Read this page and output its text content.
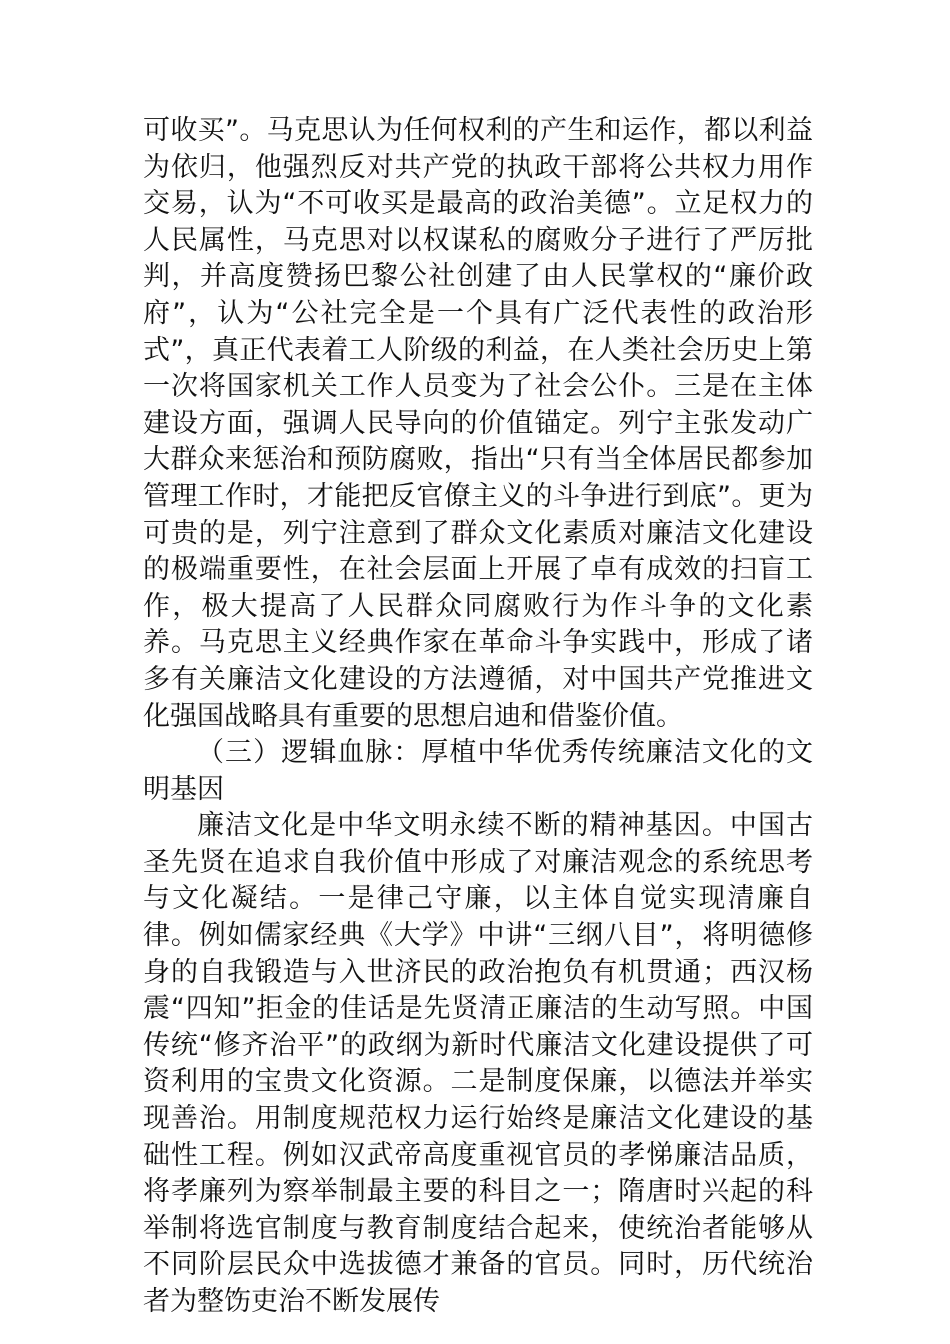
可收买”。马克思认为任何权利的产生和运作，都以利益为依归，他强烈反对共产党的执政干部将公共权力用作交易，认为“不可收买是最高的政治美德”。立足权力的人民属性，马克思对以权谋私的腐败分子进行了严厉批判，并高度赞扬巴黎公社创建了由人民掌权的“廉价政府”，认为“公社完全是一个具有广泛代表性的政治形式”，真正代表着工人阶级的利益，在人类社会历史上第一次将国家机关工作人员变为了社会公仆。三是在主体建设方面，强调人民导向的价值锚定。列宁主张发动广大群众来惩治和预防腐败，指出“只有当全体居民都参加管理工作时，才能把反官僚主义的斗争进行到底”。更为可贵的是，列宁注意到了群众文化素质对廉洁文化建设的极端重要性，在社会层面上开展了卓有成效的扫盲工作，极大提高了人民群众同腐败行为作斗争的文化素养。马克思主义经典作家在革命斗争实践中，形成了诸多有关廉洁文化建设的方法遵循，对中国共产党推进文化强国战略具有重要的思想启迪和借鉴价值。

（三）逻辑血脉：厚植中华优秀传统廉洁文化的文明基因

廉洁文化是中华文明永续不断的精神基因。中国古圣先贤在追求自我价值中形成了对廉洁观念的系统思考与文化凝结。一是律己守廉，以主体自觉实现清廉自律。例如儒家经典《大学》中讲“三纲八目”，将明德修身的自我锻造与入世济民的政治抱负有机贯通；西汉杨震“四知”拒金的佳话是先贤清正廉洁的生动写照。中国传统“修齐治平”的政纲为新时代廉洁文化建设提供了可资利用的宝贵文化资源。二是制度保廉，以德法并举实现善治。用制度规范权力运行始终是廉洁文化建设的基础性工程。例如汉武帝高度重视官员的孝悌廉洁品质，将孝廉列为察举制最主要的科目之一；隋唐时兴起的科举制将选官制度与教育制度结合起来，使统治者能够从不同阶层民众中选拔德才兼备的官员。同时，历代统治者为整饬吏治不断发展传
